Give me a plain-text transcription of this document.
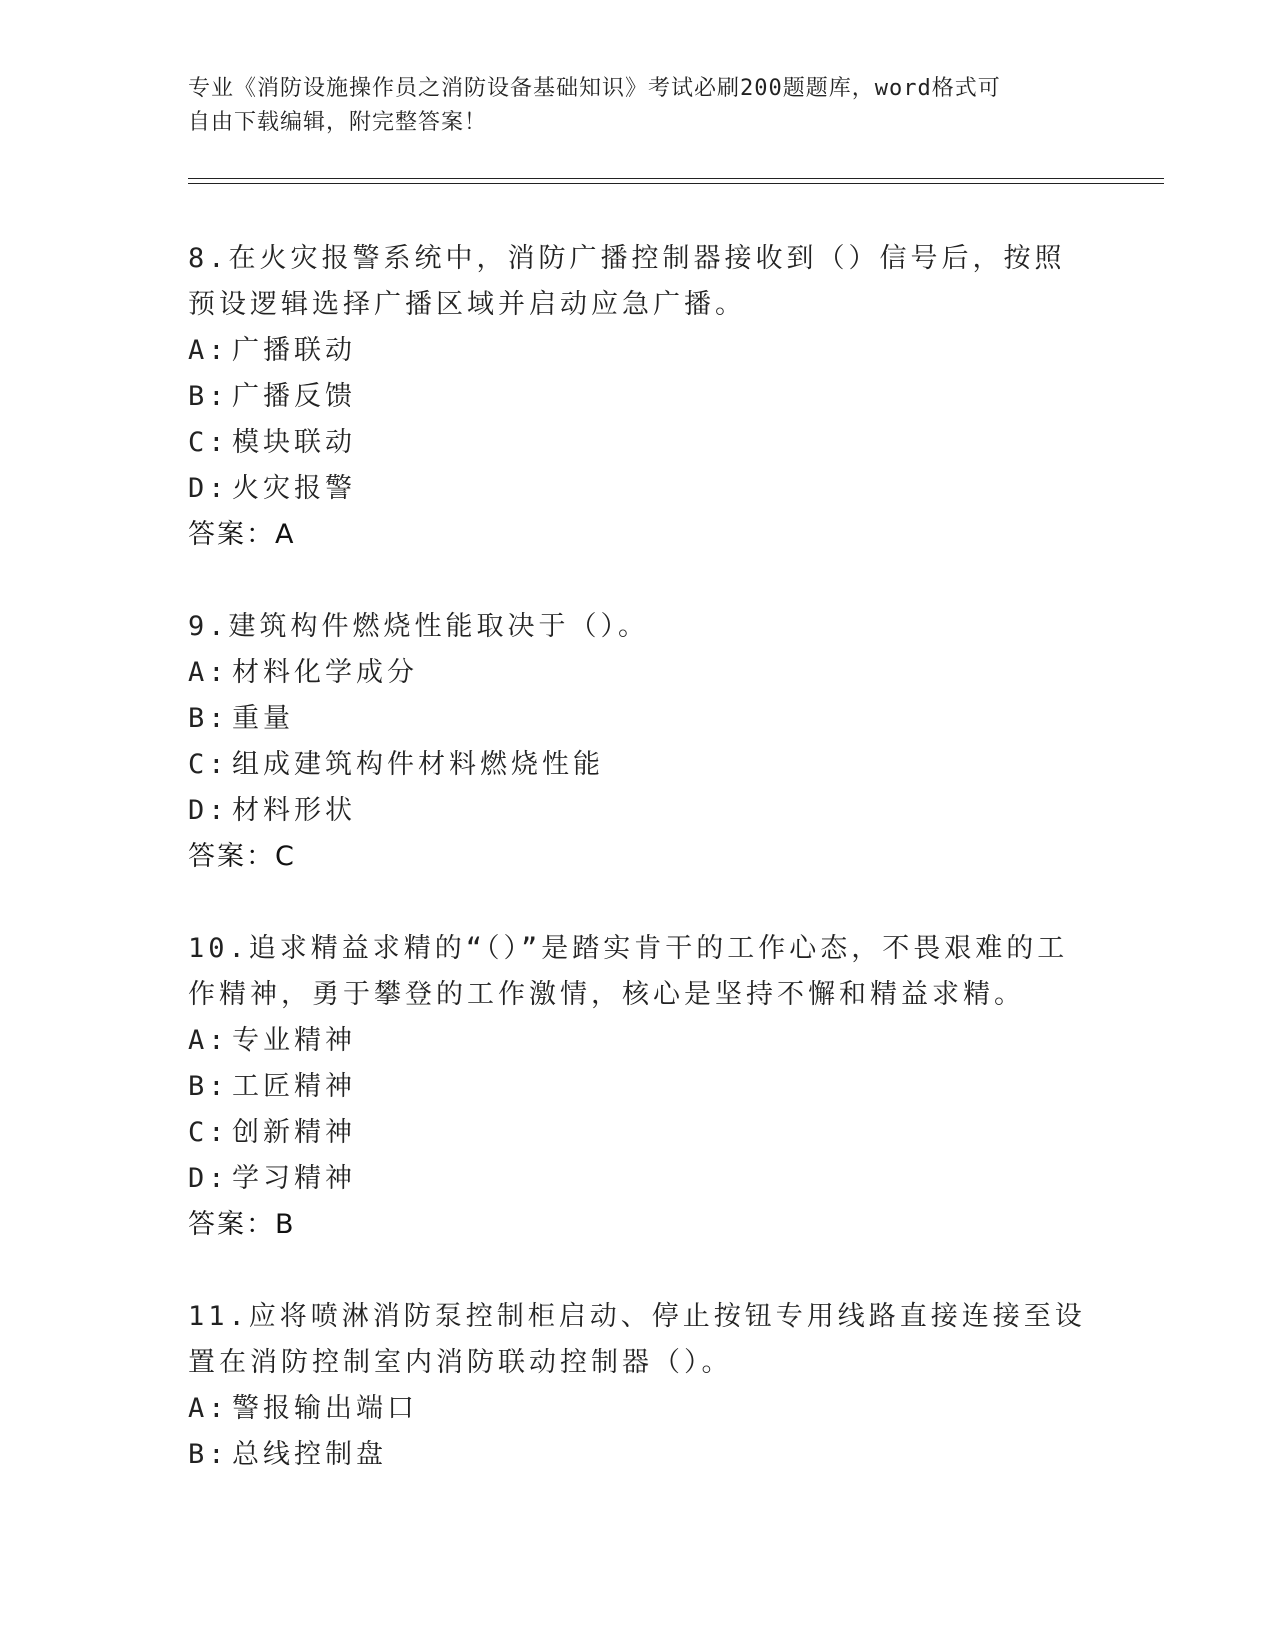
专业《消防设施操作员之消防设备基础知识》考试必刷200题题库，word格式可
自由下载编辑，附完整答案！

8.在火灾报警系统中，消防广播控制器接收到（）信号后，按照预设逻辑选择广播区域并启动应急广播。

A: 广播联动

B: 广播反馈

C: 模块联动

D: 火灾报警

答案：A

9.建筑构件燃烧性能取决于（）。

A: 材料化学成分

B: 重量

C: 组成建筑构件材料燃烧性能

D: 材料形状

答案：C

10.追求精益求精的“（）”是踏实肯干的工作心态，不畏艰难的工作精神，勇于攀登的工作激情，核心是坚持不懈和精益求精。

A: 专业精神

B: 工匠精神

C: 创新精神

D: 学习精神

答案：B

11.应将喷淋消防泵控制柜启动、停止按钮专用线路直接连接至设置在消防控制室内消防联动控制器（）。

A: 警报输出端口

B: 总线控制盘
